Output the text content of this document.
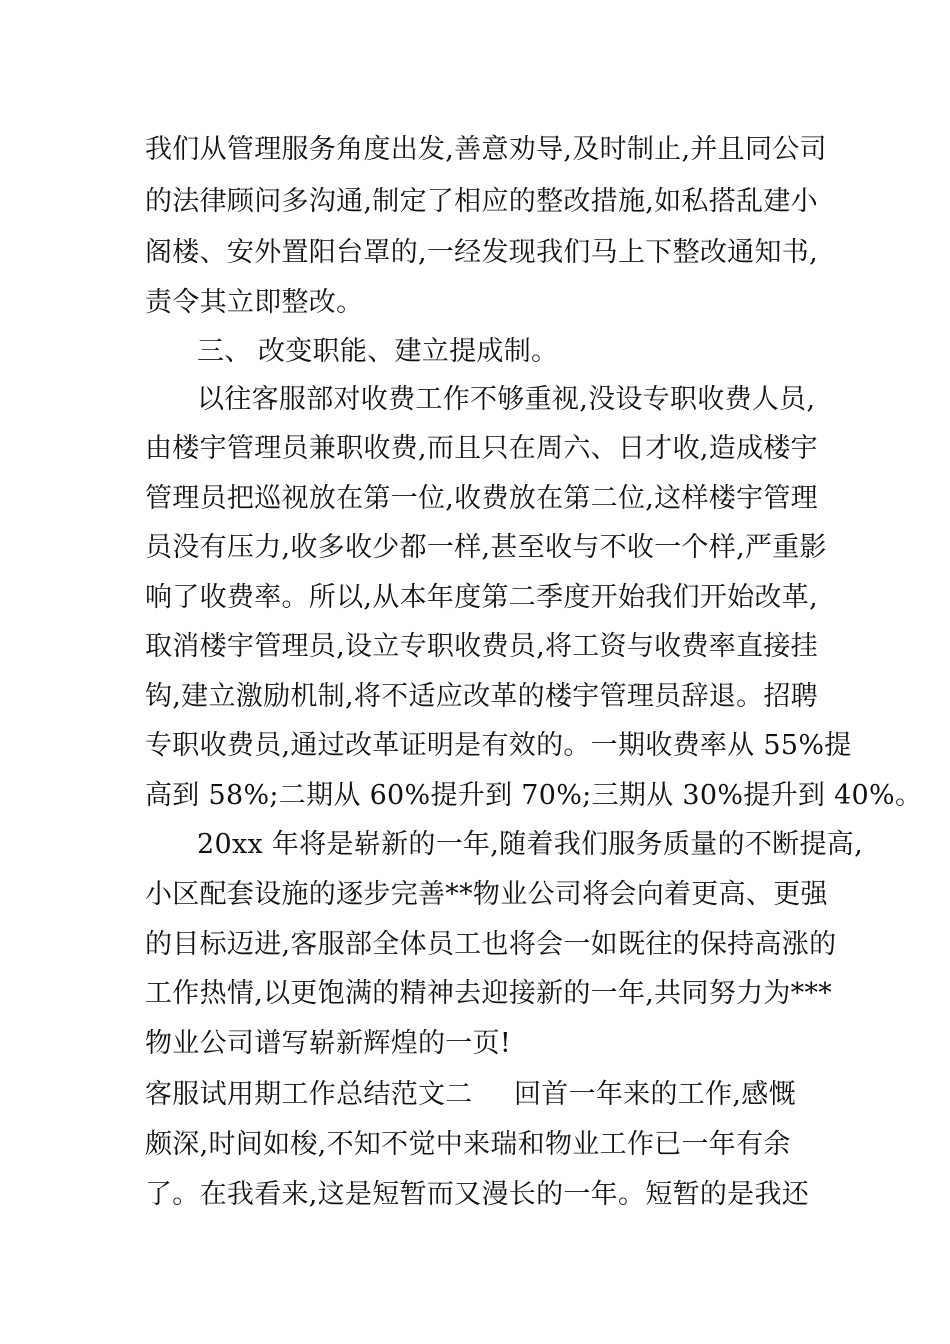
我们从管理服务角度出发,善意劝导,及时制止,并且同公司
的法律顾问多沟通,制定了相应的整改措施,如私搭乱建小
阁楼、安外置阳台罩的,一经发现我们马上下整改通知书,
责令其立即整改。
三、 改变职能、建立提成制。
以往客服部对收费工作不够重视,没设专职收费人员,
由楼宇管理员兼职收费,而且只在周六、日才收,造成楼宇
管理员把巡视放在第一位,收费放在第二位,这样楼宇管理
员没有压力,收多收少都一样,甚至收与不收一个样,严重影
响了收费率。所以,从本年度第二季度开始我们开始改革,
取消楼宇管理员,设立专职收费员,将工资与收费率直接挂
钩,建立激励机制,将不适应改革的楼宇管理员辞退。招聘
专职收费员,通过改革证明是有效的。一期收费率从 55%提
高到 58%;二期从 60%提升到 70%;三期从 30%提升到 40%。
20xx 年将是崭新的一年,随着我们服务质量的不断提高,
小区配套设施的逐步完善**物业公司将会向着更高、更强
的目标迈进,客服部全体员工也将会一如既往的保持高涨的
工作热情,以更饱满的精神去迎接新的一年,共同努力为***
物业公司谱写崭新辉煌的一页!
客服试用期工作总结范文二	回首一年来的工作,感慨
颇深,时间如梭,不知不觉中来瑞和物业工作已一年有余
了。在我看来,这是短暂而又漫长的一年。短暂的是我还
